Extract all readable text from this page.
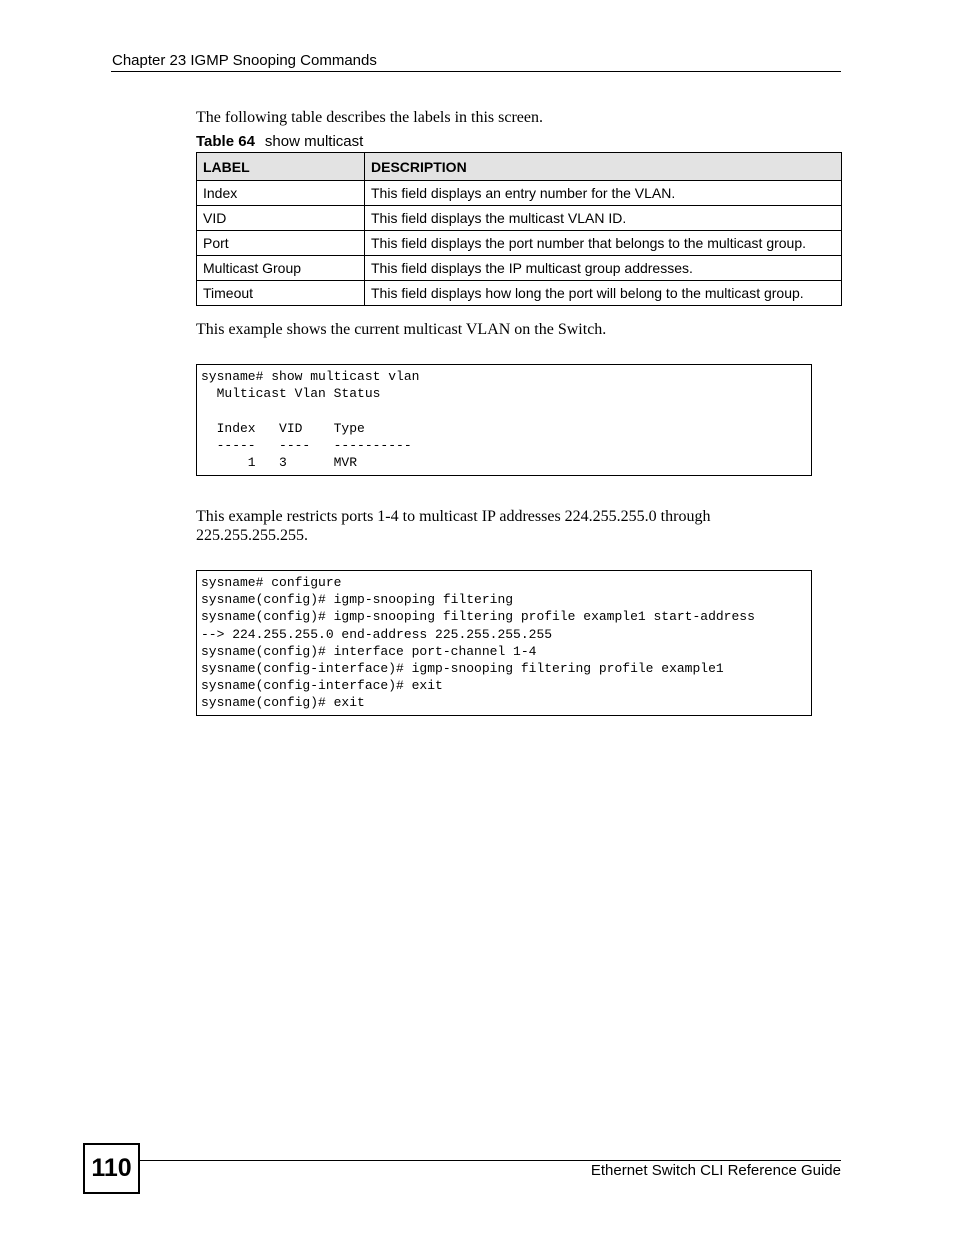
Chapter 23 IGMP Snooping Commands
The following table describes the labels in this screen.
Table 64 show multicast
LABEL	DESCRIPTION
Index	This field displays an entry number for the VLAN.
VID	This field displays the multicast VLAN ID.
Port	This field displays the port number that belongs to the multicast group.
Multicast Group	This field displays the IP multicast group addresses.
Timeout	This field displays how long the port will belong to the multicast group.
This example shows the current multicast VLAN on the Switch.
sysname# show multicast vlan
Multicast Vlan Status
Index   VID    Type
-----   ----   ----------
1   3      MVR
This example restricts ports 1-4 to multicast IP addresses 224.255.255.0 through 225.255.255.255.
sysname# configure
sysname(config)# igmp-snooping filtering
sysname(config)# igmp-snooping filtering profile example1 start-address
--> 224.255.255.0 end-address 225.255.255.255
sysname(config)# interface port-channel 1-4
sysname(config-interface)# igmp-snooping filtering profile example1
sysname(config-interface)# exit
sysname(config)# exit
110	Ethernet Switch CLI Reference Guide
